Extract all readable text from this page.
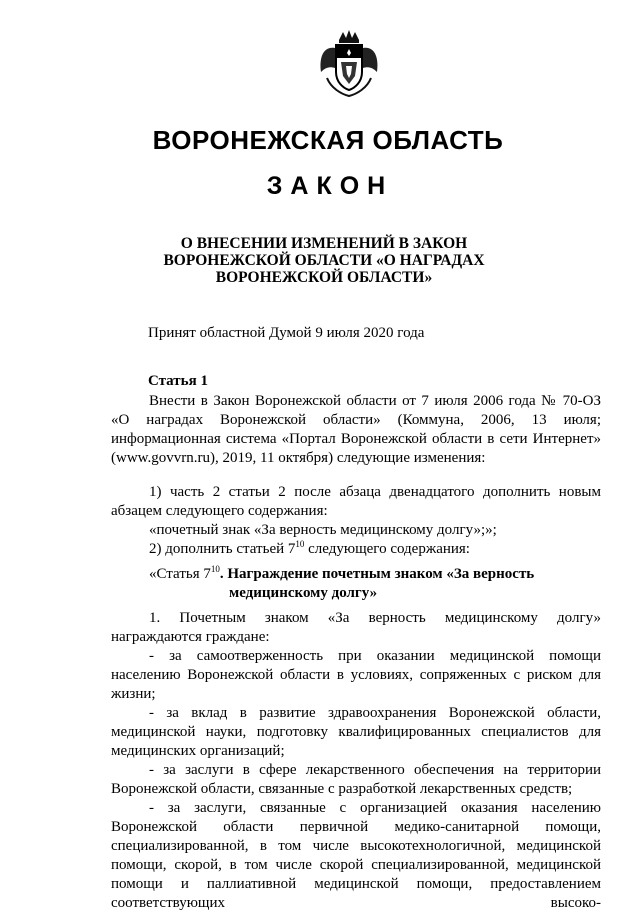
ВОРОНЕЖСКАЯ ОБЛАСТЬ
ЗАКОН
О ВНЕСЕНИИ ИЗМЕНЕНИЙ В ЗАКОН
ВОРОНЕЖСКОЙ ОБЛАСТИ «О НАГРАДАХ
ВОРОНЕЖСКОЙ ОБЛАСТИ»
Принят областной Думой 9 июля 2020 года
Статья 1

Внести в Закон Воронежской области от 7 июля 2006 года № 70-ОЗ «О наградах Воронежской области» (Коммуна, 2006, 13 июля; информационная система «Портал Воронежской области в сети Интернет» (www.govvrn.ru), 2019, 11 октября) следующие изменения:

1) часть 2 статьи 2 после абзаца двенадцатого дополнить новым абзацем следующего содержания:

«почетный знак «За верность медицинскому долгу»;»;

2) дополнить статьей $7^{10}$ следующего содержания:

«Статья $7^{10}$. Награждение почетным знаком «За верность

медицинскому долгу»

1. Почетным знаком «За верность медицинскому долгу» награждаются граждане:

- за самоотверженность при оказании медицинской помощи населению Воронежской области в условиях, сопряженных с риском для жизни;

- за вклад в развитие здравоохранения Воронежской области, медицинской науки, подготовку квалифицированных специалистов для медицинских организаций;

- за заслуги в сфере лекарственного обеспечения на территории Воронежской области, связанные с разработкой лекарственных средств;

- за заслуги, связанные с организацией оказания населению Воронежской области первичной медико-санитарной помощи, специализированной, в том числе высокотехнологичной, медицинской помощи, скорой, в том числе скорой специализированной, медицинской помощи и паллиативной медицинской помощи, предоставлением соответствующих высоко-
